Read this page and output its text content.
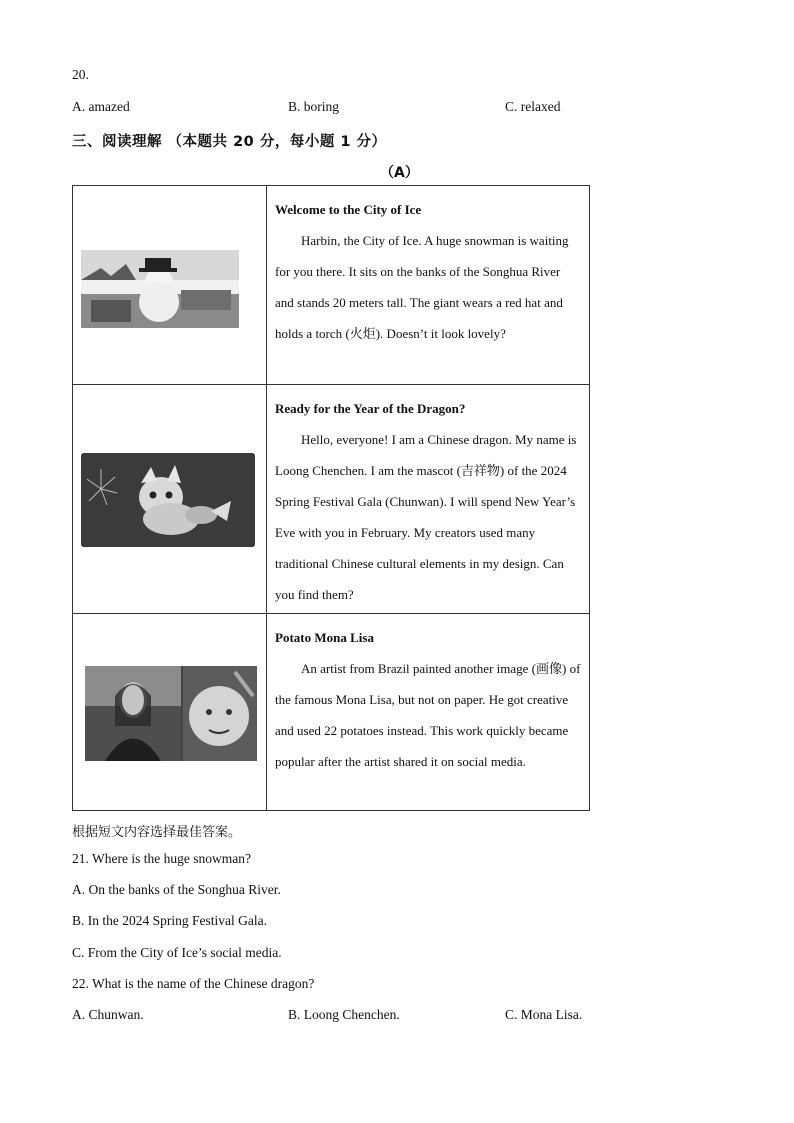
20.
A. amazed	B. boring	C. relaxed
三、阅读理解 （本题共 20 分，每小题 1 分）
（A）

Welcome to the City of Ice
Harbin, the City of Ice. A huge snowman is waiting for you there. It sits on the banks of the Songhua River and stands 20 meters tall. The giant wears a red hat and holds a torch (火炬). Doesn’t it look lovely?

Ready for the Year of the Dragon?
Hello, everyone! I am a Chinese dragon. My name is Loong Chenchen. I am the mascot (吉祥物) of the 2024 Spring Festival Gala (Chunwan). I will spend New Year’s Eve with you in February. My creators used many traditional Chinese cultural elements in my design. Can you find them?

Potato Mona Lisa
An artist from Brazil painted another image (画像) of the famous Mona Lisa, but not on paper. He got creative and used 22 potatoes instead. This work quickly became popular after the artist shared it on social media.
根据短文内容选择最佳答案。
21. Where is the huge snowman?
A. On the banks of the Songhua River.
B. In the 2024 Spring Festival Gala.
C. From the City of Ice’s social media.
22. What is the name of the Chinese dragon?
A. Chunwan.	B. Loong Chenchen.	C. Mona Lisa.
